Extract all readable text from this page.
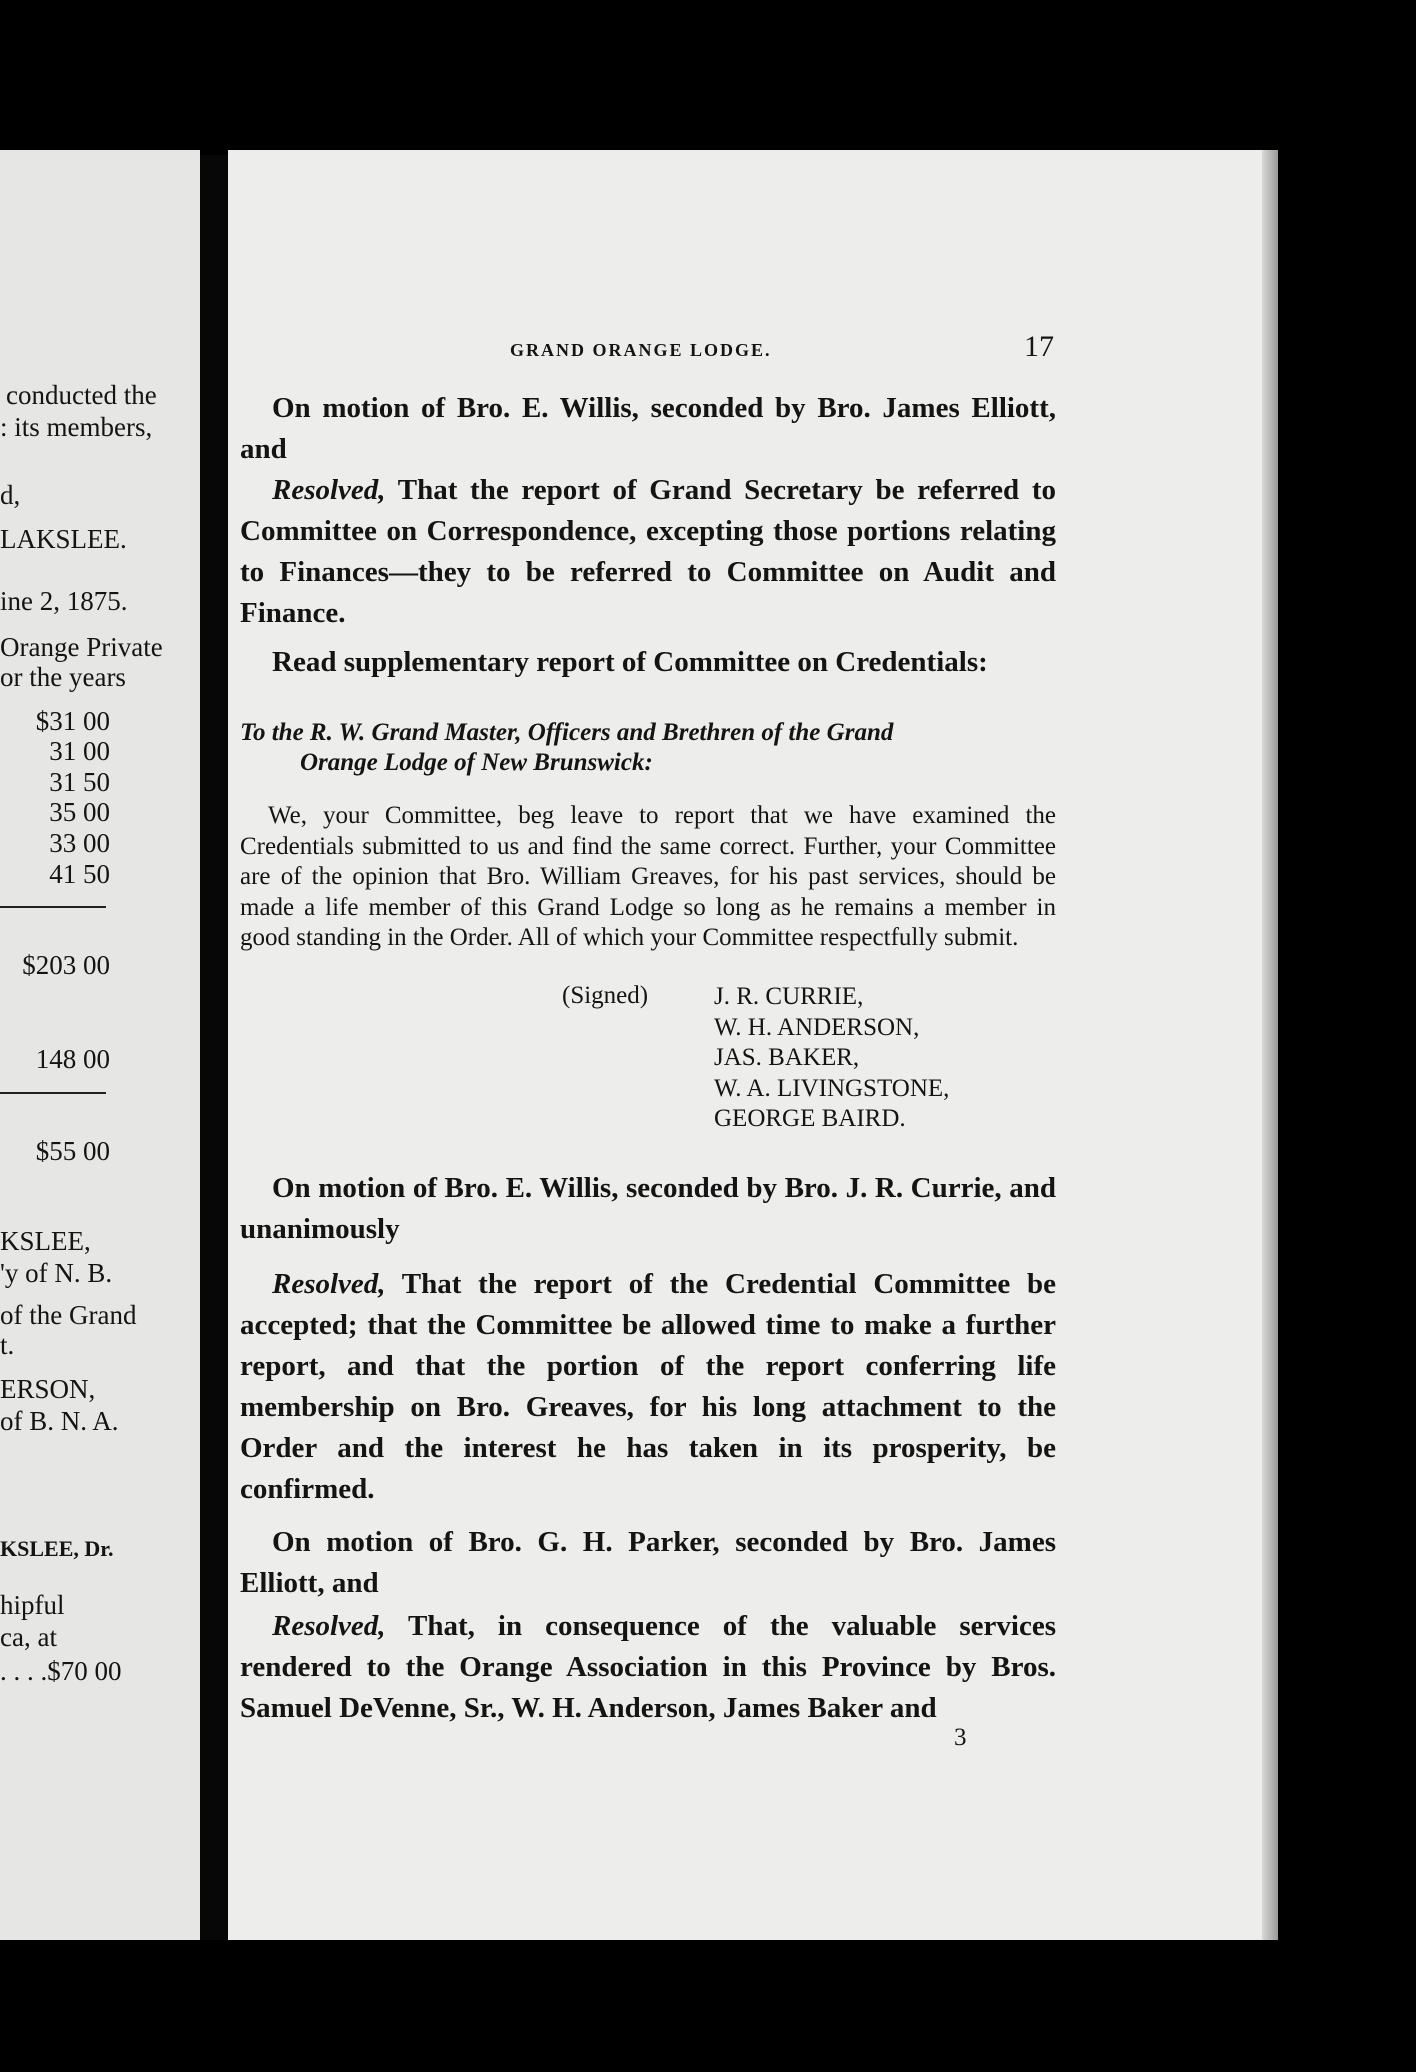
conducted the
: its members,
d,
LAKSLEE.
ine 2, 1875.
Orange Private
or the years
$31 00
31 00
31 50
35 00
33 00
41 50
$203 00
148 00
$55 00
KSLEE,
'y of N. B.
of the Grand
t.
ERSON,
of B. N. A.
KSLEE, Dr.
hipful
ca, at
. . . .$70 00
GRAND ORANGE LODGE.	17
On motion of Bro. E. Willis, seconded by Bro. James Elliott, and
Resolved, That the report of Grand Secretary be referred to Committee on Correspondence, excepting those portions relating to Finances—they to be referred to Committee on Audit and Finance.
Read supplementary report of Committee on Credentials:
To the R. W. Grand Master, Officers and Brethren of the Grand
Orange Lodge of New Brunswick:
We, your Committee, beg leave to report that we have examined the Credentials submitted to us and find the same correct. Further, your Committee are of the opinion that Bro. William Greaves, for his past services, should be made a life member of this Grand Lodge so long as he remains a member in good standing in the Order. All of which your Committee respectfully submit.
(Signed)	J. R. CURRIE,
W. H. ANDERSON,
JAS. BAKER,
W. A. LIVINGSTONE,
GEORGE BAIRD.
On motion of Bro. E. Willis, seconded by Bro. J. R. Currie, and unanimously
Resolved, That the report of the Credential Committee be accepted; that the Committee be allowed time to make a further report, and that the portion of the report conferring life membership on Bro. Greaves, for his long attachment to the Order and the interest he has taken in its prosperity, be confirmed.
On motion of Bro. G. H. Parker, seconded by Bro. James Elliott, and
Resolved, That, in consequence of the valuable services rendered to the Orange Association in this Province by Bros. Samuel DeVenne, Sr., W. H. Anderson, James Baker and
3
